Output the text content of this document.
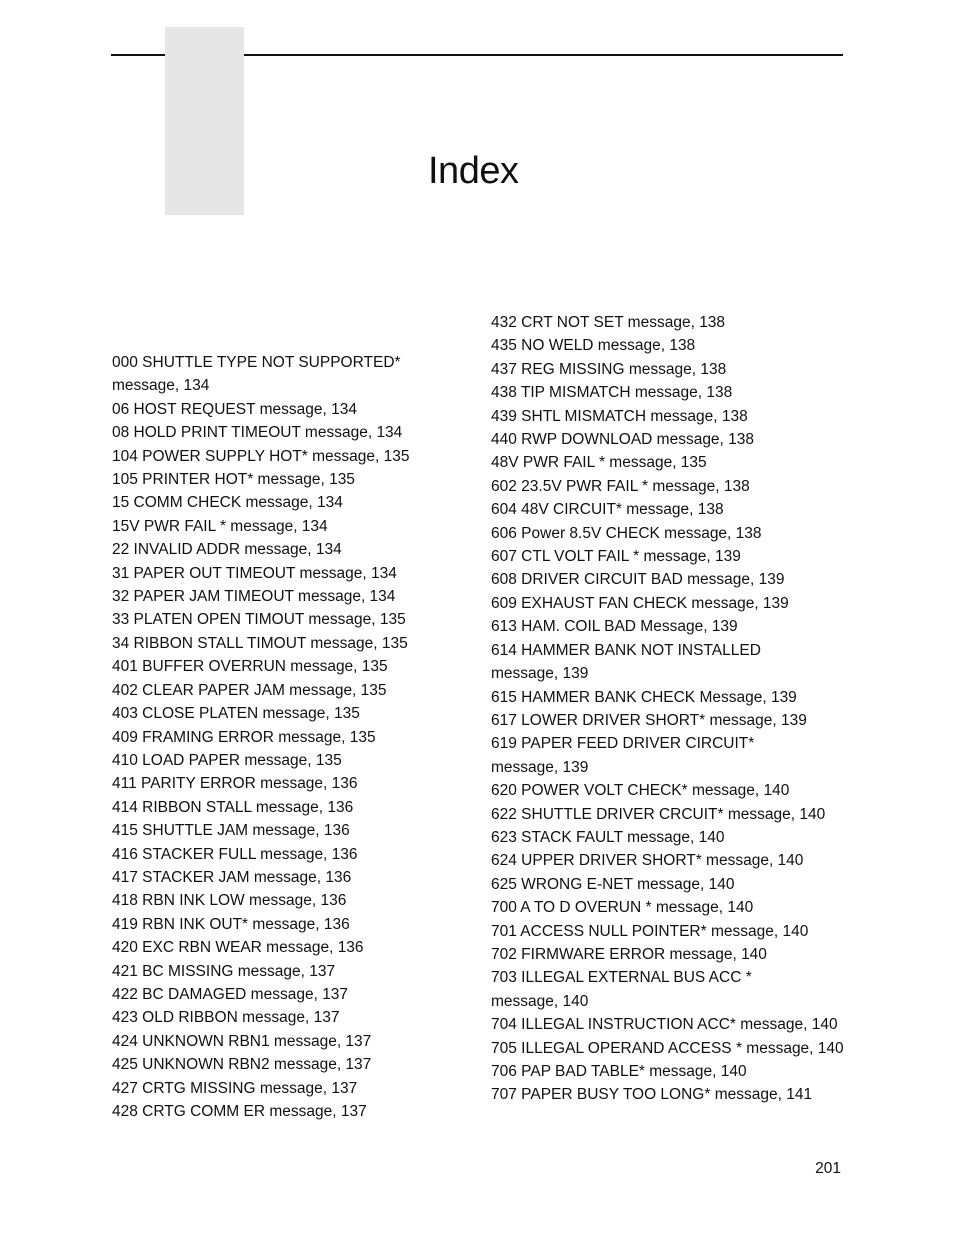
Index
000 SHUTTLE TYPE NOT SUPPORTED*
message, 134
06 HOST REQUEST message, 134
08 HOLD PRINT TIMEOUT message, 134
104 POWER SUPPLY HOT* message, 135
105 PRINTER HOT* message, 135
15 COMM CHECK message, 134
15V PWR FAIL * message, 134
22 INVALID ADDR message, 134
31 PAPER OUT TIMEOUT message, 134
32 PAPER JAM TIMEOUT message, 134
33 PLATEN OPEN TIMOUT message, 135
34 RIBBON STALL TIMOUT message, 135
401 BUFFER OVERRUN message, 135
402 CLEAR PAPER JAM message, 135
403 CLOSE PLATEN message, 135
409 FRAMING ERROR message, 135
410 LOAD PAPER message, 135
411 PARITY ERROR message, 136
414 RIBBON STALL message, 136
415 SHUTTLE JAM message, 136
416 STACKER FULL message, 136
417 STACKER JAM message, 136
418 RBN INK LOW message, 136
419 RBN INK OUT* message, 136
420 EXC RBN WEAR message, 136
421 BC MISSING message, 137
422 BC DAMAGED message, 137
423 OLD RIBBON message, 137
424 UNKNOWN RBN1 message, 137
425 UNKNOWN RBN2 message, 137
427 CRTG MISSING message, 137
428 CRTG COMM ER message, 137
432 CRT NOT SET message, 138
435 NO WELD message, 138
437 REG MISSING message, 138
438 TIP MISMATCH message, 138
439 SHTL MISMATCH message, 138
440 RWP DOWNLOAD message, 138
48V PWR FAIL * message, 135
602 23.5V PWR FAIL * message, 138
604 48V CIRCUIT* message, 138
606 Power 8.5V CHECK message, 138
607 CTL VOLT FAIL * message, 139
608 DRIVER CIRCUIT BAD message, 139
609 EXHAUST FAN CHECK message, 139
613 HAM. COIL BAD Message, 139
614 HAMMER BANK NOT INSTALLED
message, 139
615 HAMMER BANK CHECK Message, 139
617 LOWER DRIVER SHORT* message, 139
619 PAPER FEED DRIVER CIRCUIT*
message, 139
620 POWER VOLT CHECK* message, 140
622 SHUTTLE DRIVER CRCUIT* message, 140
623 STACK FAULT message, 140
624 UPPER DRIVER SHORT* message, 140
625 WRONG E-NET message, 140
700 A TO D OVERUN * message, 140
701 ACCESS NULL POINTER* message, 140
702 FIRMWARE ERROR message, 140
703 ILLEGAL EXTERNAL BUS ACC *
message, 140
704 ILLEGAL INSTRUCTION ACC* message, 140
705 ILLEGAL OPERAND ACCESS * message, 140
706 PAP BAD TABLE* message, 140
707 PAPER BUSY TOO LONG* message, 141
201
